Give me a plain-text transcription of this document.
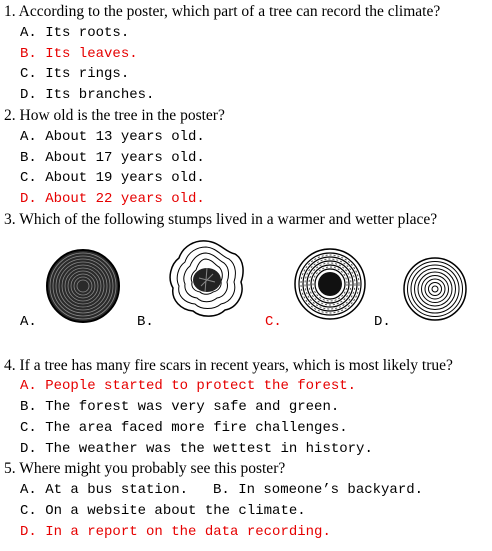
1. According to the poster, which part of a tree can record the climate?
A. Its roots.
B. Its leaves.
C. Its rings.
D. Its branches.
2. How old is the tree in the poster?
A. About 13 years old.
B. About 17 years old.
C. About 19 years old.
D. About 22 years old.
3. Which of the following stumps lived in a warmer and wetter place?
A.	B.	C.	D.
4. If a tree has many fire scars in recent years, which is most likely true?
A. People started to protect the forest.
B. The forest was very safe and green.
C. The area faced more fire challenges.
D. The weather was the wettest in history.
5. Where might you probably see this poster?
A. At a bus station. B. In someone’s backyard.
C. On a website about the climate.
D. In a report on the data recording.
